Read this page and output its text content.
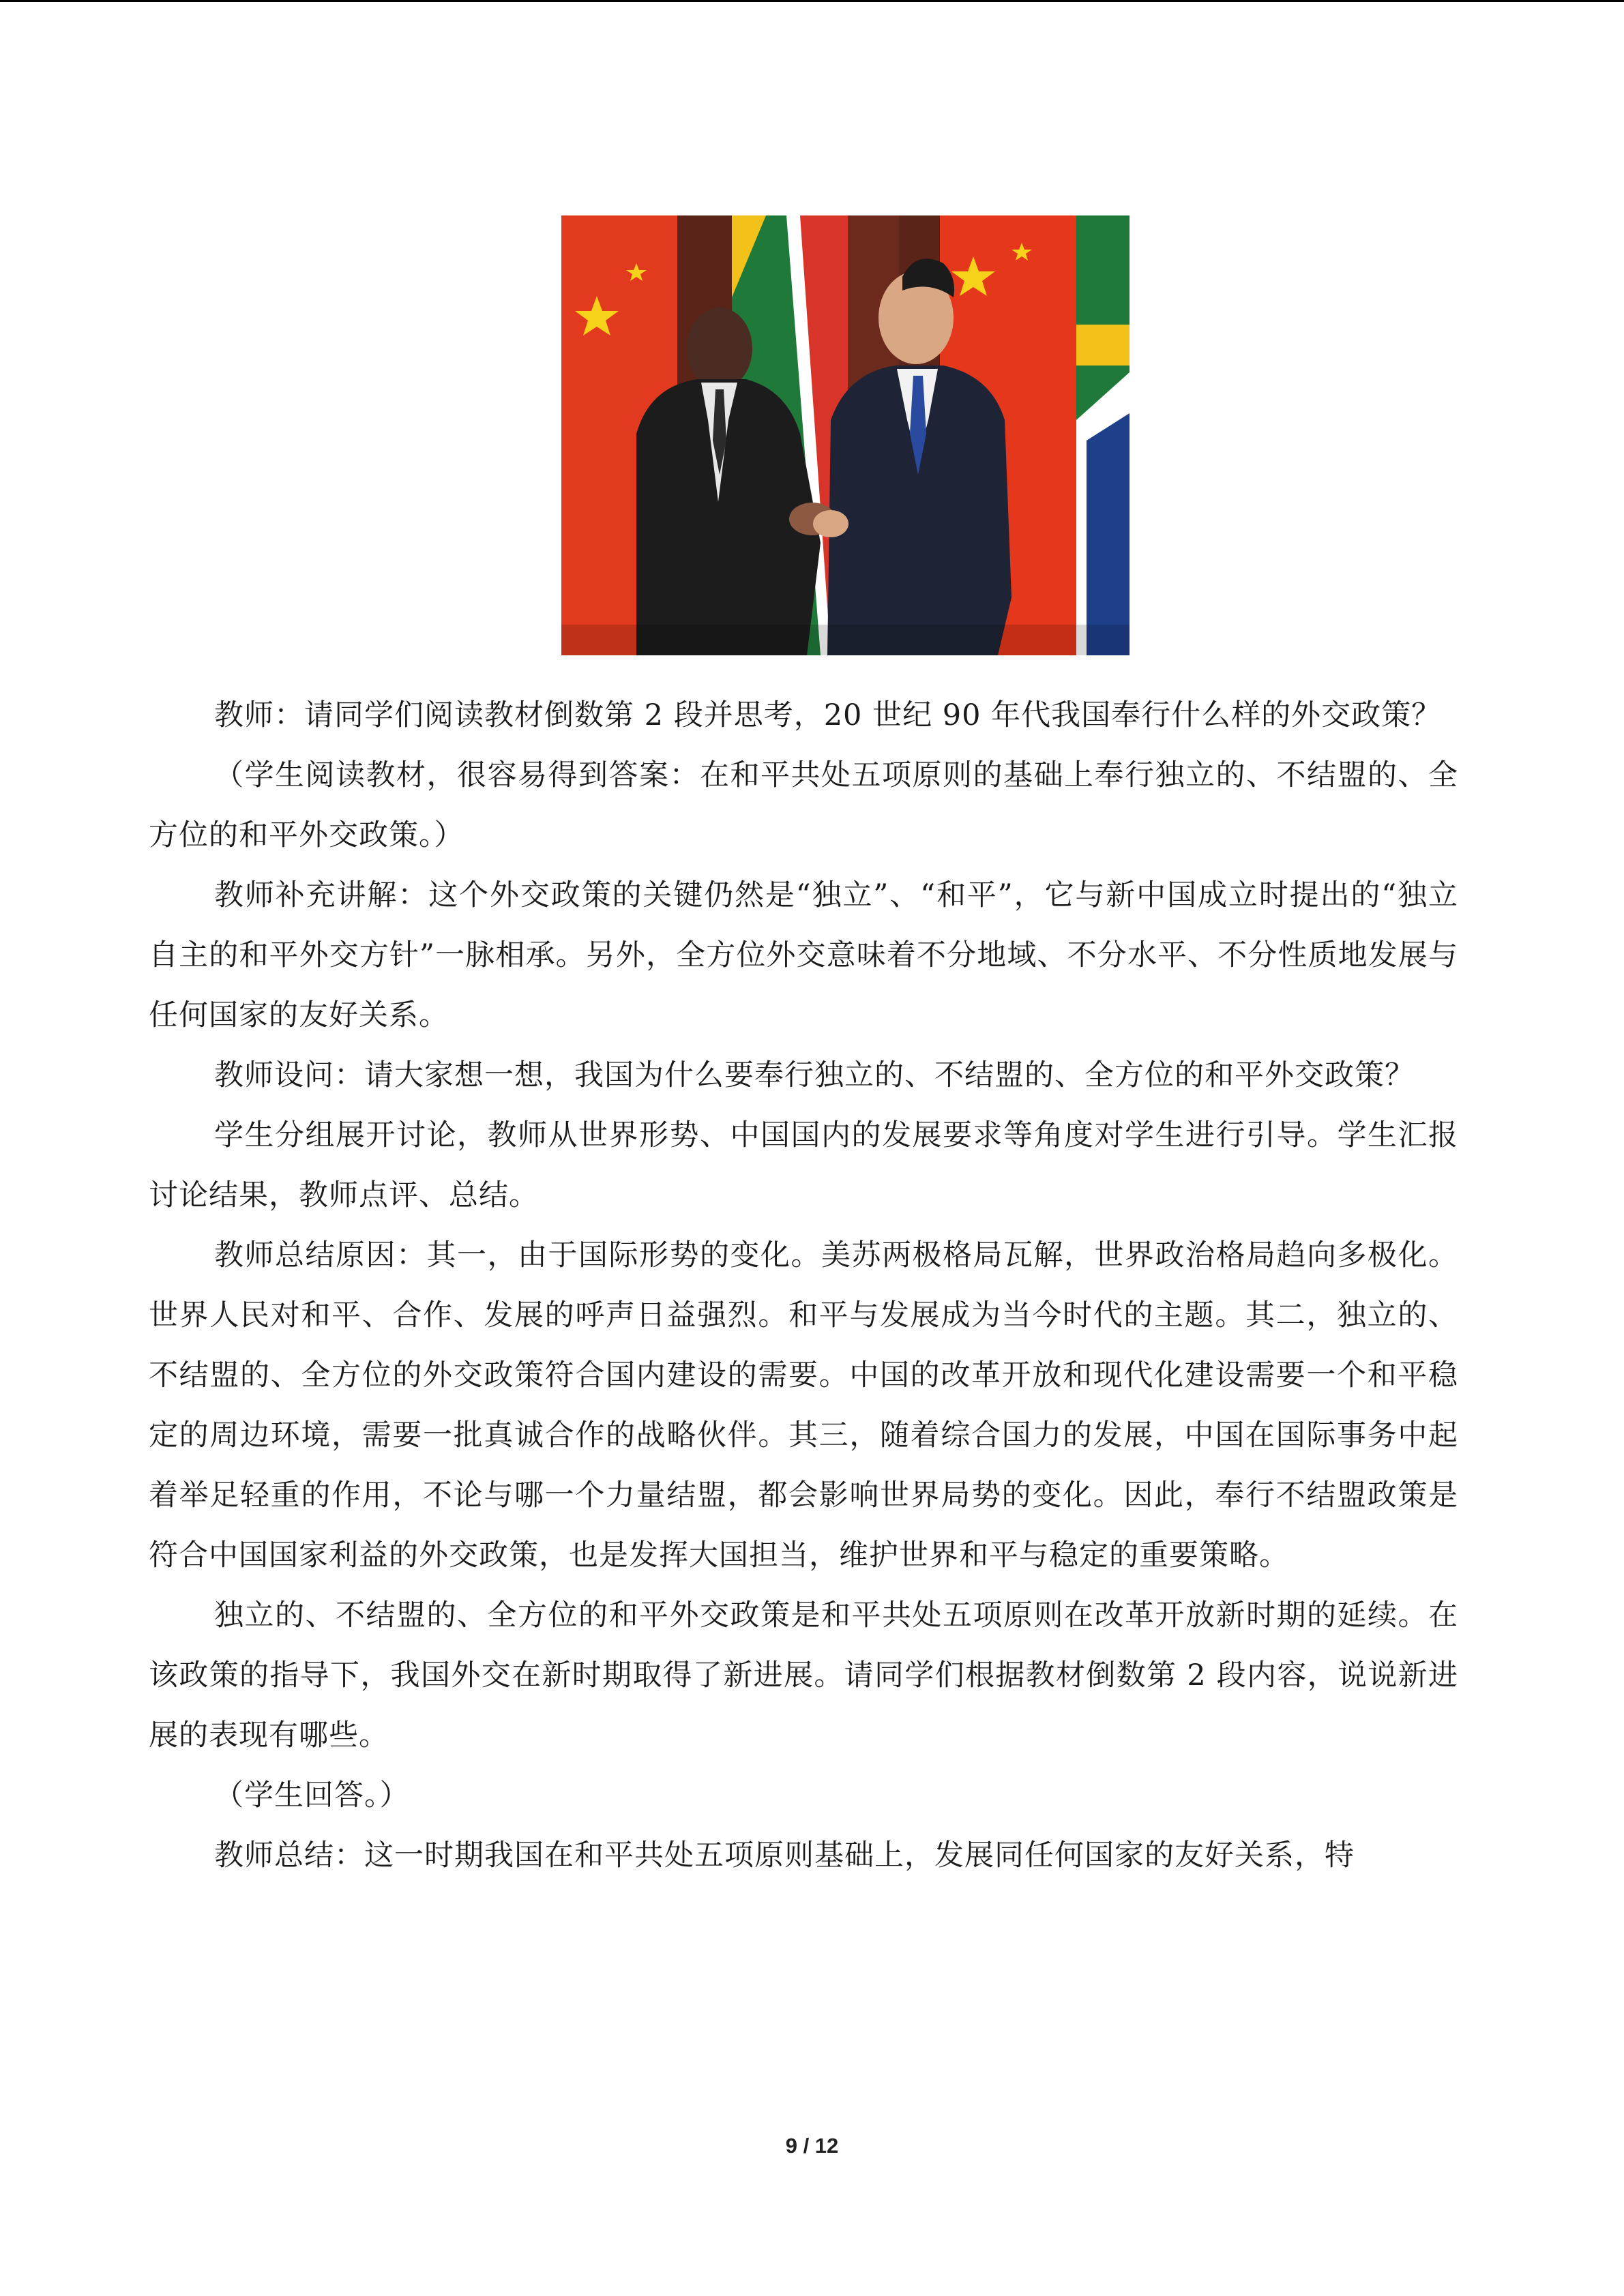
教师：请同学们阅读教材倒数第 2 段并思考，20 世纪 90 年代我国奉行什么样的外交政策？

（学生阅读教材，很容易得到答案：在和平共处五项原则的基础上奉行独立的、不结盟的、全方位的和平外交政策。）

教师补充讲解：这个外交政策的关键仍然是“独立”、“和平”，它与新中国成立时提出的“独立自主的和平外交方针”一脉相承。另外，全方位外交意味着不分地域、不分水平、不分性质地发展与任何国家的友好关系。

教师设问：请大家想一想，我国为什么要奉行独立的、不结盟的、全方位的和平外交政策？

学生分组展开讨论，教师从世界形势、中国国内的发展要求等角度对学生进行引导。学生汇报讨论结果，教师点评、总结。

教师总结原因：其一，由于国际形势的变化。美苏两极格局瓦解，世界政治格局趋向多极化。世界人民对和平、合作、发展的呼声日益强烈。和平与发展成为当今时代的主题。其二，独立的、不结盟的、全方位的外交政策符合国内建设的需要。中国的改革开放和现代化建设需要一个和平稳定的周边环境，需要一批真诚合作的战略伙伴。其三，随着综合国力的发展，中国在国际事务中起着举足轻重的作用，不论与哪一个力量结盟，都会影响世界局势的变化。因此，奉行不结盟政策是符合中国国家利益的外交政策，也是发挥大国担当，维护世界和平与稳定的重要策略。

独立的、不结盟的、全方位的和平外交政策是和平共处五项原则在改革开放新时期的延续。在该政策的指导下，我国外交在新时期取得了新进展。请同学们根据教材倒数第 2 段内容，说说新进展的表现有哪些。

（学生回答。）

教师总结：这一时期我国在和平共处五项原则基础上，发展同任何国家的友好关系，特

9 / 12
